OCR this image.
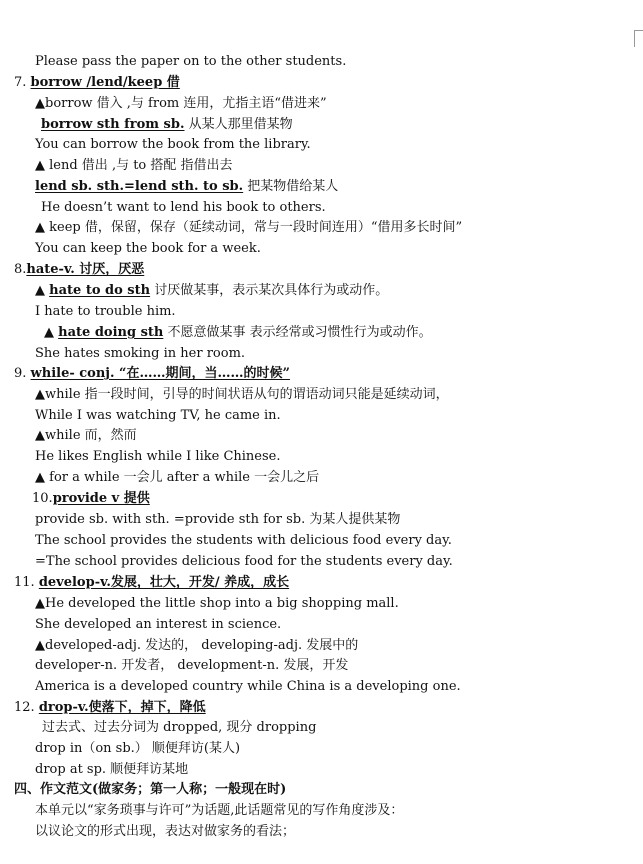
Please pass the paper on to the other students.
7. borrow /lend/keep 借
▲borrow 借入 ,与 from 连用，尤指主语“借进来”
borrow sth from sb. 从某人那里借某物
You can borrow the book from the library.
▲ lend 借出 ,与 to 搭配 指借出去
lend sb. sth.=lend sth. to sb. 把某物借给某人
He doesn’t want to lend his book to others.
▲ keep 借，保留，保存（延续动词，常与一段时间连用）“借用多长时间”
You can keep the book for a week.
8.hate-v. 讨厌，厌恶
▲ hate to do sth 讨厌做某事，表示某次具体行为或动作。
I hate to trouble him.
▲ hate doing sth 不愿意做某事 表示经常或习惯性行为或动作。
She hates smoking in her room.
9. while- conj. “在……期间，当……的时候”
▲while 指一段时间，引导的时间状语从句的谓语动词只能是延续动词，
While I was watching TV, he came in.
▲while 而，然而
He likes English while I like Chinese.
▲ for a while 一会儿 after a while 一会儿之后
10.provide v 提供
provide sb. with sth. =provide sth for sb. 为某人提供某物
The school provides the students with delicious food every day.
=The school provides delicious food for the students every day.
11. develop-v.发展，壮大，开发/ 养成，成长
▲He developed the little shop into a big shopping mall.
She developed an interest in science.
▲developed-adj. 发达的， developing-adj. 发展中的
developer-n. 开发者， development-n. 发展，开发
America is a developed country while China is a developing one.
12. drop-v.使落下，掉下，降低
过去式、过去分词为 dropped, 现分 dropping
drop in（on sb.） 顺便拜访(某人)
drop at sp. 顺便拜访某地
四、作文范文(做家务；第一人称；一般现在时)
本单元以“家务琐事与许可”为话题,此话题常见的写作角度涉及：
以议论文的形式出现，表达对做家务的看法；
